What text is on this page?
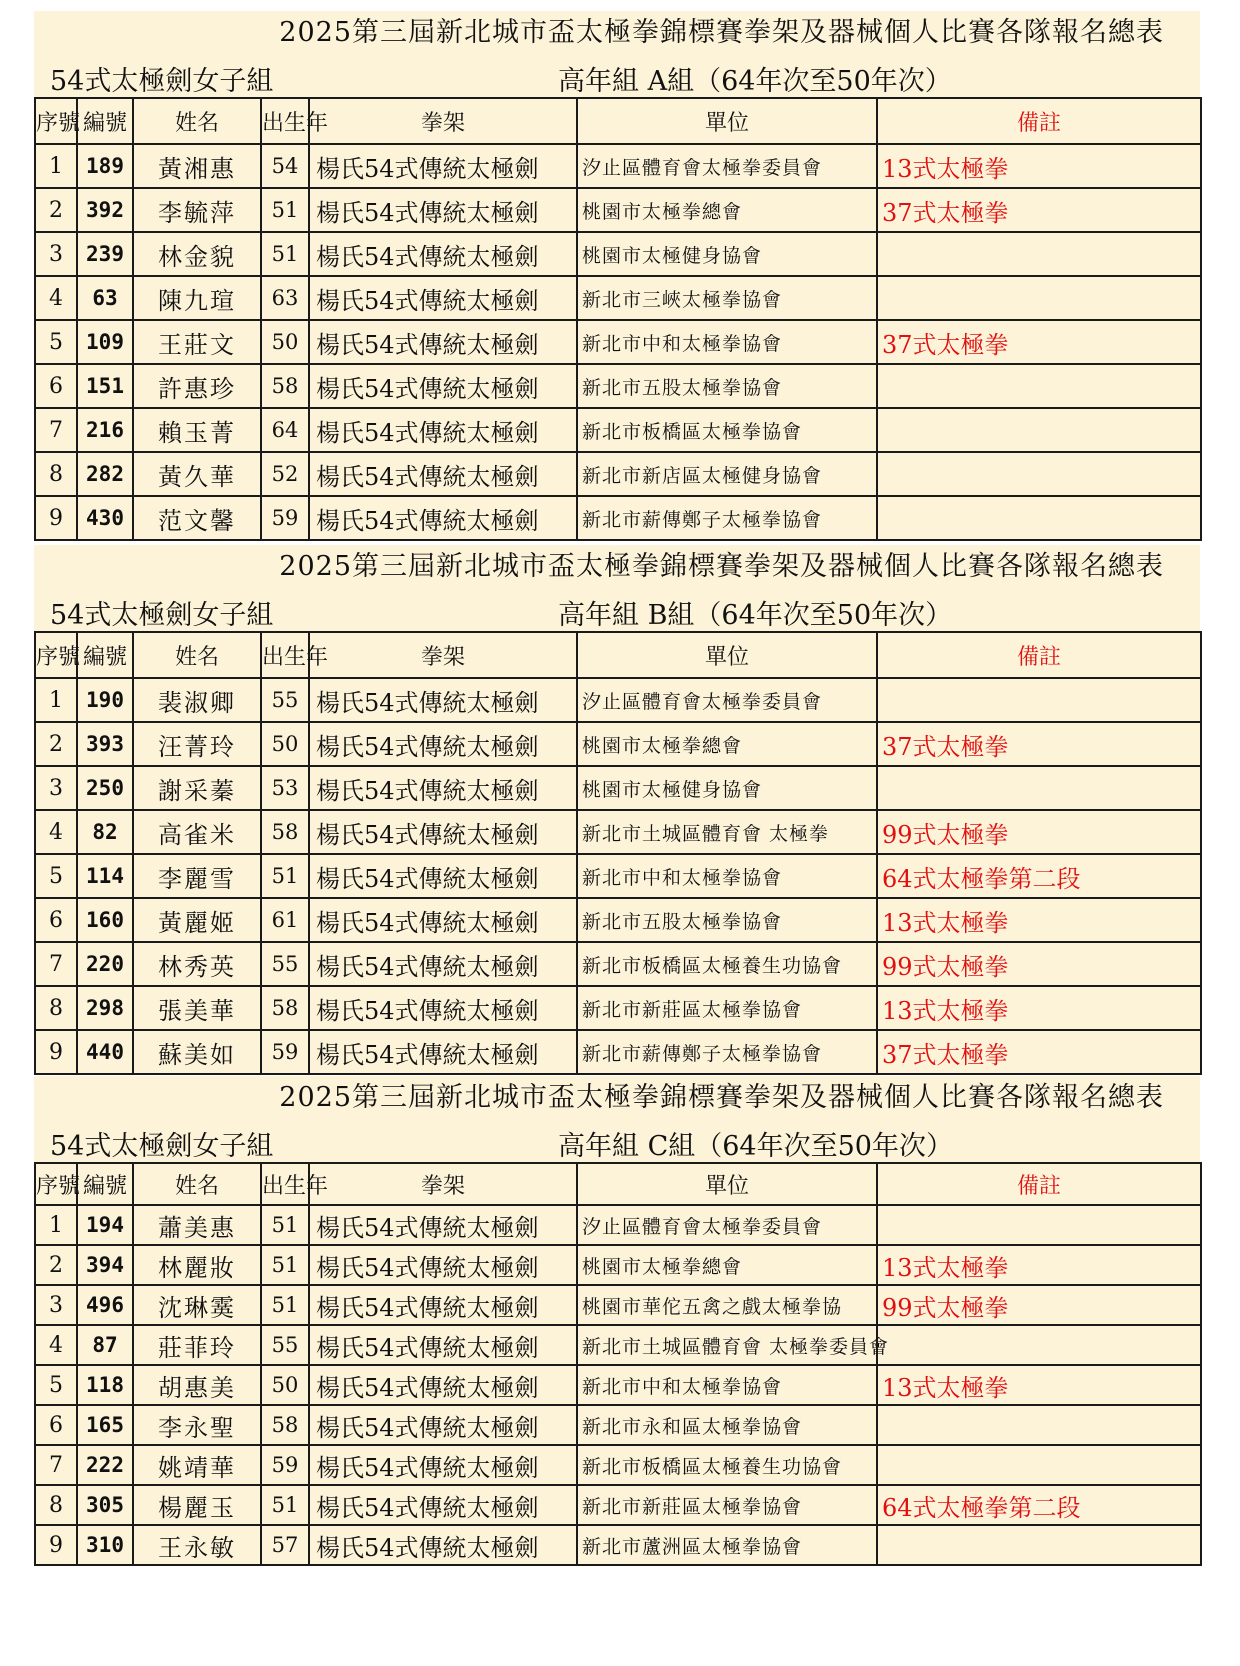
2025第三屆新北城市盃太極拳錦標賽拳架及器械個人比賽各隊報名總表
54式太極劍女子組	高年組 A組（64年次至50年次）
序號	編號	姓名	出生年	拳架	單位	備註
1	189	黃湘惠	54	楊氏54式傳統太極劍	汐止區體育會太極拳委員會	13式太極拳
2	392	李毓萍	51	楊氏54式傳統太極劍	桃園市太極拳總會	37式太極拳
3	239	林金貌	51	楊氏54式傳統太極劍	桃園市太極健身協會	
4	63	陳九瑄	63	楊氏54式傳統太極劍	新北市三峽太極拳協會	
5	109	王莊文	50	楊氏54式傳統太極劍	新北市中和太極拳協會	37式太極拳
6	151	許惠珍	58	楊氏54式傳統太極劍	新北市五股太極拳協會	
7	216	賴玉菁	64	楊氏54式傳統太極劍	新北市板橋區太極拳協會	
8	282	黃久華	52	楊氏54式傳統太極劍	新北市新店區太極健身協會	
9	430	范文馨	59	楊氏54式傳統太極劍	新北市薪傳鄭子太極拳協會	
2025第三屆新北城市盃太極拳錦標賽拳架及器械個人比賽各隊報名總表
54式太極劍女子組	高年組 B組（64年次至50年次）
序號	編號	姓名	出生年	拳架	單位	備註
1	190	裴淑卿	55	楊氏54式傳統太極劍	汐止區體育會太極拳委員會	
2	393	汪菁玲	50	楊氏54式傳統太極劍	桃園市太極拳總會	37式太極拳
3	250	謝采蓁	53	楊氏54式傳統太極劍	桃園市太極健身協會	
4	82	高雀米	58	楊氏54式傳統太極劍	新北市土城區體育會 太極拳	99式太極拳
5	114	李麗雪	51	楊氏54式傳統太極劍	新北市中和太極拳協會	64式太極拳第二段
6	160	黃麗姬	61	楊氏54式傳統太極劍	新北市五股太極拳協會	13式太極拳
7	220	林秀英	55	楊氏54式傳統太極劍	新北市板橋區太極養生功協會	99式太極拳
8	298	張美華	58	楊氏54式傳統太極劍	新北市新莊區太極拳協會	13式太極拳
9	440	蘇美如	59	楊氏54式傳統太極劍	新北市薪傳鄭子太極拳協會	37式太極拳
2025第三屆新北城市盃太極拳錦標賽拳架及器械個人比賽各隊報名總表
54式太極劍女子組	高年組 C組（64年次至50年次）
序號	編號	姓名	出生年	拳架	單位	備註
1	194	蕭美惠	51	楊氏54式傳統太極劍	汐止區體育會太極拳委員會	
2	394	林麗妝	51	楊氏54式傳統太極劍	桃園市太極拳總會	13式太極拳
3	496	沈琳霙	51	楊氏54式傳統太極劍	桃園市華佗五禽之戲太極拳協	99式太極拳
4	87	莊菲玲	55	楊氏54式傳統太極劍	新北市土城區體育會 太極拳委員會	
5	118	胡惠美	50	楊氏54式傳統太極劍	新北市中和太極拳協會	13式太極拳
6	165	李永聖	58	楊氏54式傳統太極劍	新北市永和區太極拳協會	
7	222	姚靖華	59	楊氏54式傳統太極劍	新北市板橋區太極養生功協會	
8	305	楊麗玉	51	楊氏54式傳統太極劍	新北市新莊區太極拳協會	64式太極拳第二段
9	310	王永敏	57	楊氏54式傳統太極劍	新北市蘆洲區太極拳協會	
